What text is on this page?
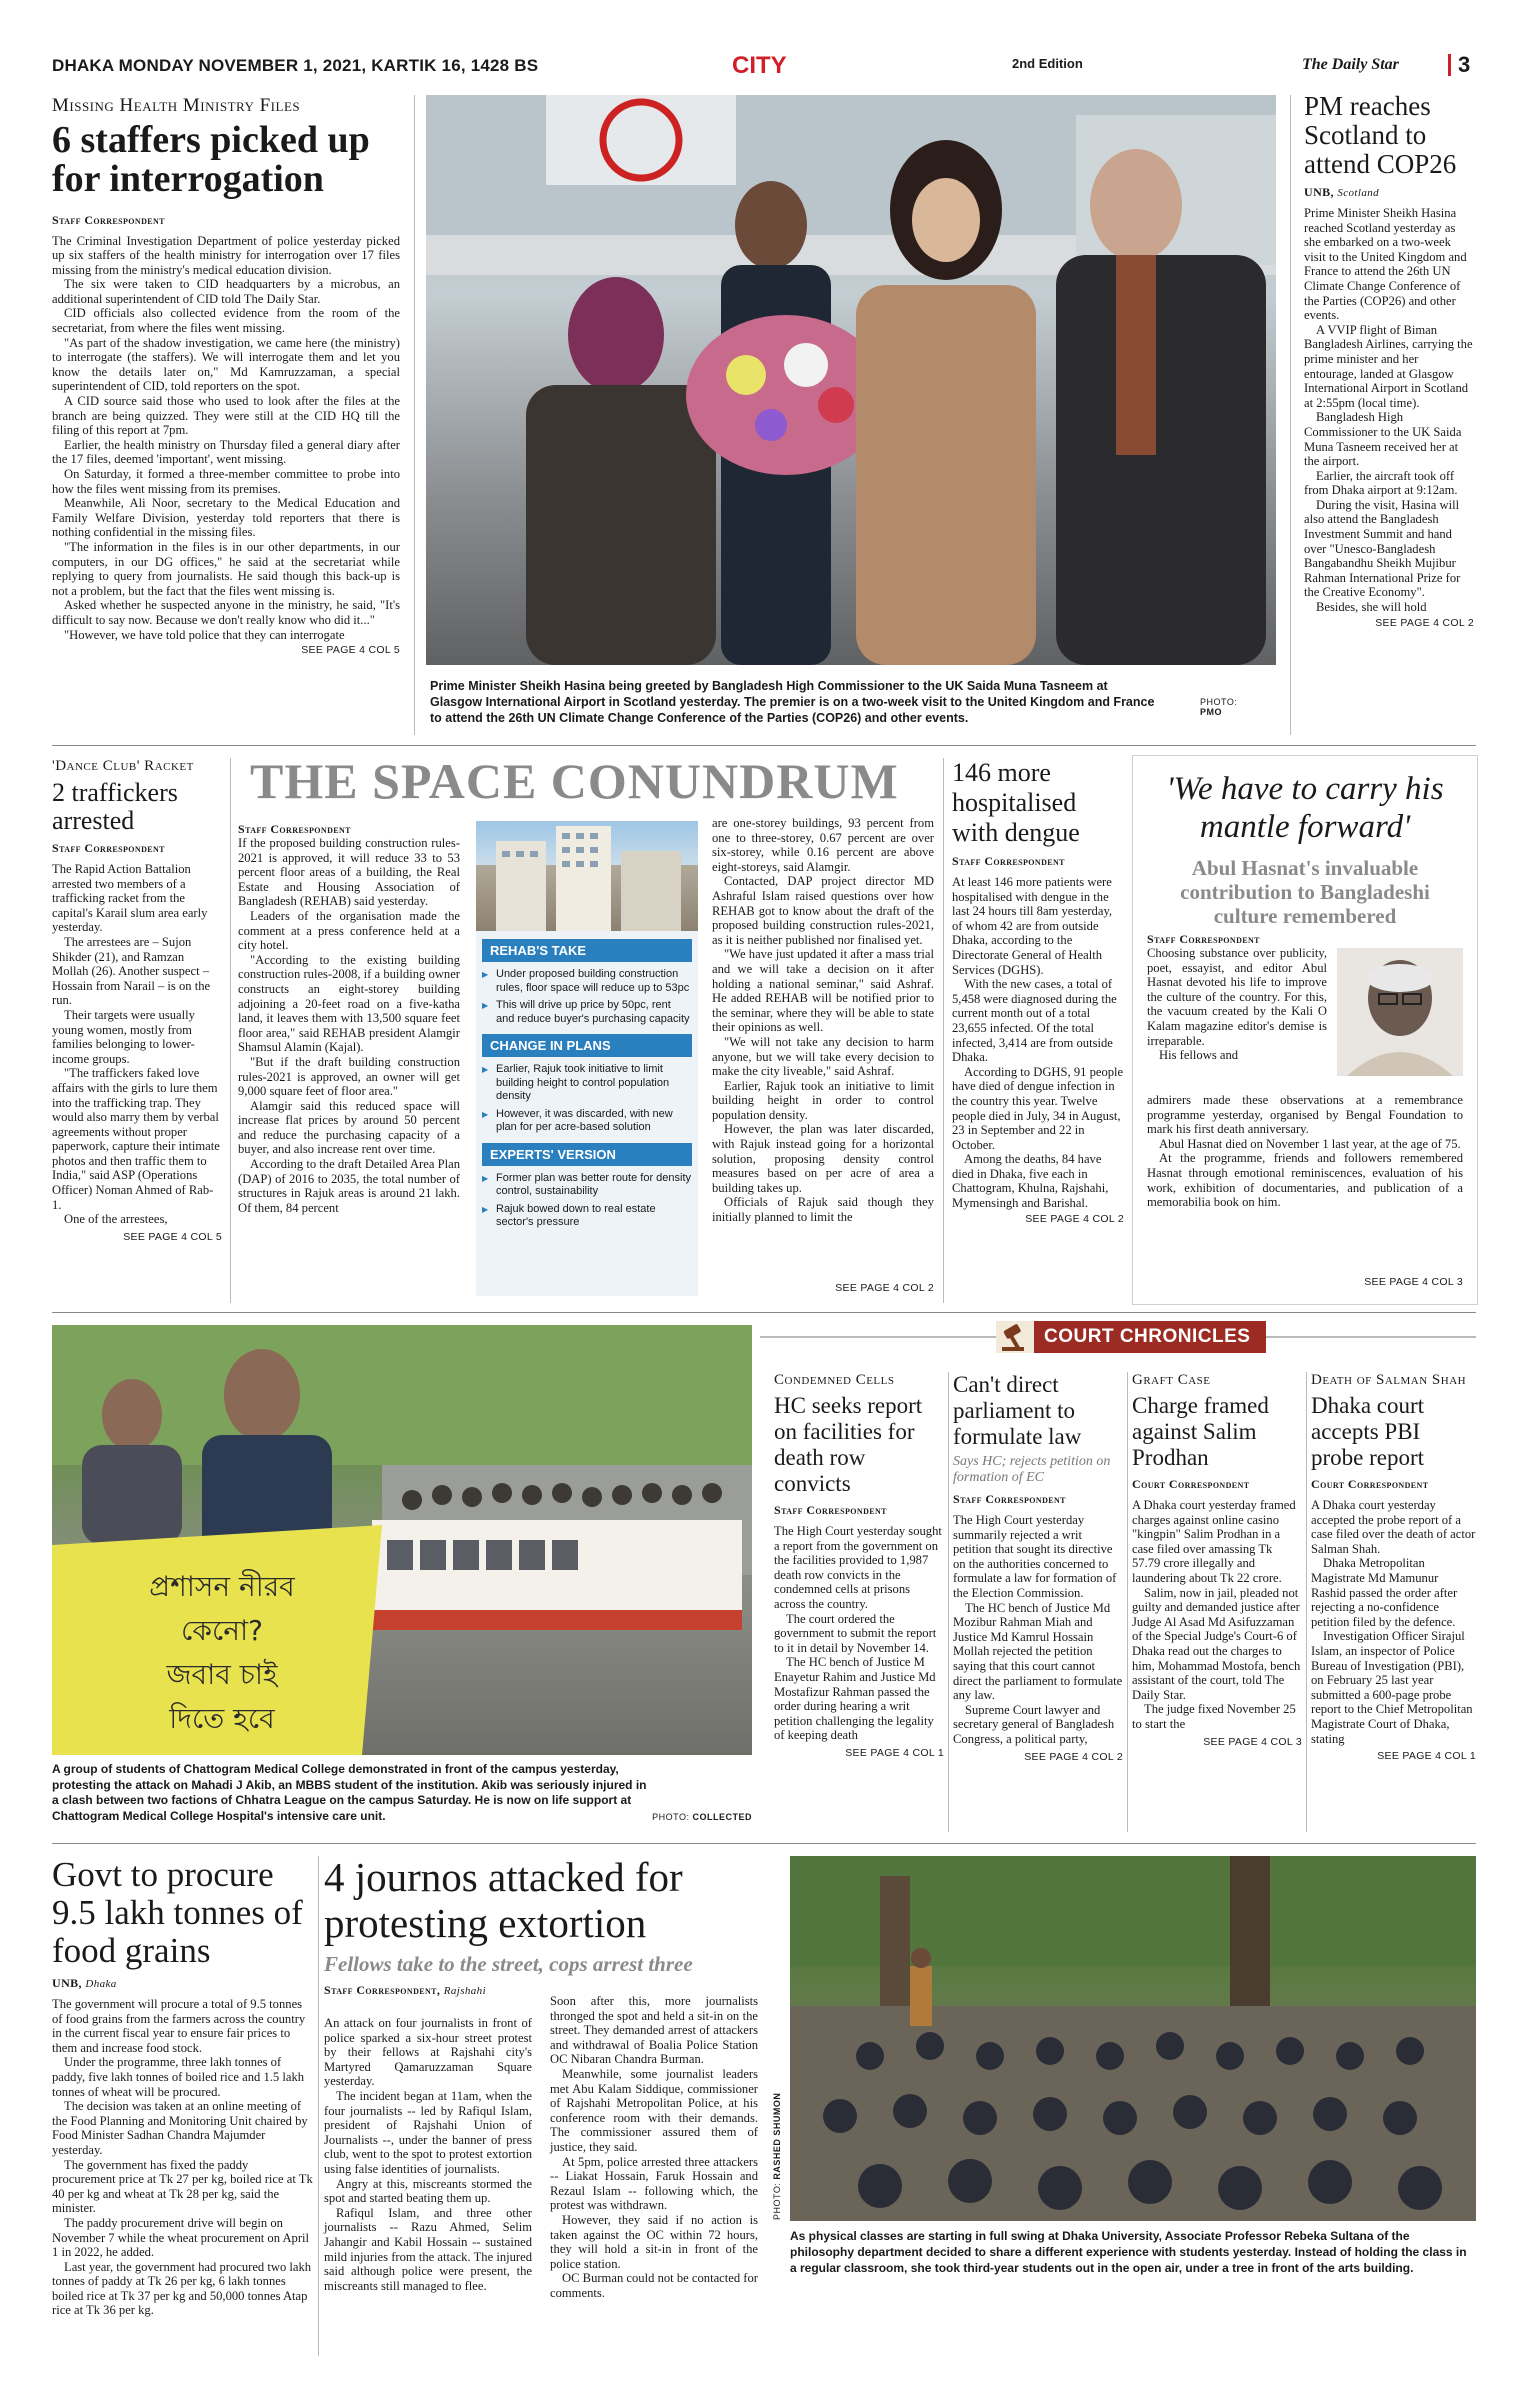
DHAKA MONDAY NOVEMBER 1, 2021, KARTIK 16, 1428 BS	CITY	2nd Edition	The Daily Star	3
Missing Health Ministry Files
6 staffers picked up for interrogation
Staff Correspondent

The Criminal Investigation Department of police yesterday picked up six staffers of the health ministry for interrogation over 17 files missing from the ministry's medical education division.

The six were taken to CID headquarters by a microbus, an additional superintendent of CID told The Daily Star.

CID officials also collected evidence from the room of the secretariat, from where the files went missing.

"As part of the shadow investigation, we came here (the ministry) to interrogate (the staffers). We will interrogate them and let you know the details later on," Md Kamruzzaman, a special superintendent of CID, told reporters on the spot.

A CID source said those who used to look after the files at the branch are being quizzed. They were still at the CID HQ till the filing of this report at 7pm.

Earlier, the health ministry on Thursday filed a general diary after the 17 files, deemed 'important', went missing.

On Saturday, it formed a three-member committee to probe into how the files went missing from its premises.

Meanwhile, Ali Noor, secretary to the Medical Education and Family Welfare Division, yesterday told reporters that there is nothing confidential in the missing files.

"The information in the files is in our other departments, in our computers, in our DG offices," he said at the secretariat while replying to query from journalists. He said though this back-up is not a problem, but the fact that the files went missing is.

Asked whether he suspected anyone in the ministry, he said, "It's difficult to say now. Because we don't really know who did it..."

"However, we have told police that they can interrogate

SEE PAGE 4 COL 5
Prime Minister Sheikh Hasina being greeted by Bangladesh High Commissioner to the UK Saida Muna Tasneem at Glasgow International Airport in Scotland yesterday. The premier is on a two-week visit to the United Kingdom and France to attend the 26th UN Climate Change Conference of the Parties (COP26) and other events.
PHOTO:
PMO
PM reaches Scotland to attend COP26
UNB, Scotland

Prime Minister Sheikh Hasina reached Scotland yesterday as she embarked on a two-week visit to the United Kingdom and France to attend the 26th UN Climate Change Conference of the Parties (COP26) and other events.

A VVIP flight of Biman Bangladesh Airlines, carrying the prime minister and her entourage, landed at Glasgow International Airport in Scotland at 2:55pm (local time).

Bangladesh High Commissioner to the UK Saida Muna Tasneem received her at the airport.

Earlier, the aircraft took off from Dhaka airport at 9:12am.

During the visit, Hasina will also attend the Bangladesh Investment Summit and hand over "Unesco-Bangladesh Bangabandhu Sheikh Mujibur Rahman International Prize for the Creative Economy".

Besides, she will hold

SEE PAGE 4 COL 2
'Dance Club' Racket
2 traffickers arrested
Staff Correspondent

The Rapid Action Battalion arrested two members of a trafficking racket from the capital's Karail slum area early yesterday.

The arrestees are – Sujon Shikder (21), and Ramzan Mollah (26). Another suspect – Hossain from Narail – is on the run.

Their targets were usually young women, mostly from families belonging to lower-income groups.

"The traffickers faked love affairs with the girls to lure them into the trafficking trap. They would also marry them by verbal agreements without proper paperwork, capture their intimate photos and then traffic them to India," said ASP (Operations Officer) Noman Ahmed of Rab-1.

One of the arrestees,

SEE PAGE 4 COL 5
THE SPACE CONUNDRUM
Staff Correspondent

If the proposed building construction rules-2021 is approved, it will reduce 33 to 53 percent floor areas of a building, the Real Estate and Housing Association of Bangladesh (REHAB) said yesterday.

Leaders of the organisation made the comment at a press conference held at a city hotel.

"According to the existing building construction rules-2008, if a building owner constructs an eight-storey building adjoining a 20-feet road on a five-katha land, it leaves them with 13,500 square feet floor area," said REHAB president Alamgir Shamsul Alamin (Kajal).

"But if the draft building construction rules-2021 is approved, an owner will get 9,000 square feet of floor area."

Alamgir said this reduced space will increase flat prices by around 50 percent and reduce the purchasing capacity of a buyer, and also increase rent over time.

According to the draft Detailed Area Plan (DAP) of 2016 to 2035, the total number of structures in Rajuk areas is around 21 lakh. Of them, 84 percent

REHAB'S TAKE
▶ Under proposed building construction rules, floor space will reduce up to 53pc
▶ This will drive up price by 50pc, rent and reduce buyer's purchasing capacity
CHANGE IN PLANS
▶ Earlier, Rajuk took initiative to limit building height to control population density
▶ However, it was discarded, with new plan for per acre-based solution
EXPERTS' VERSION
▶ Former plan was better route for density control, sustainability
▶ Rajuk bowed down to real estate sector's pressure

are one-storey buildings, 93 percent from one to three-storey, 0.67 percent are over six-storey, while 0.16 percent are above eight-storeys, said Alamgir.

Contacted, DAP project director MD Ashraful Islam raised questions over how REHAB got to know about the draft of the proposed building construction rules-2021, as it is neither published nor finalised yet.

"We have just updated it after a mass trial and we will take a decision on it after holding a national seminar," said Ashraf. He added REHAB will be notified prior to the seminar, where they will be able to state their opinions as well.

"We will not take any decision to harm anyone, but we will take every decision to make the city liveable," said Ashraf.

Earlier, Rajuk took an initiative to limit building height in order to control population density.

However, the plan was later discarded, with Rajuk instead going for a horizontal solution, proposing density control measures based on per acre of area a building takes up.

Officials of Rajuk said though they initially planned to limit the

SEE PAGE 4 COL 2
146 more hospitalised with dengue
Staff Correspondent

At least 146 more patients were hospitalised with dengue in the last 24 hours till 8am yesterday, of whom 42 are from outside Dhaka, according to the Directorate General of Health Services (DGHS).

With the new cases, a total of 5,458 were diagnosed during the current month out of a total 23,655 infected. Of the total infected, 3,414 are from outside Dhaka.

According to DGHS, 91 people have died of dengue infection in the country this year. Twelve people died in July, 34 in August, 23 in September and 22 in October.

Among the deaths, 84 have died in Dhaka, five each in Chattogram, Khulna, Rajshahi, Mymensingh and Barishal.

SEE PAGE 4 COL 2
'We have to carry his mantle forward'
Abul Hasnat's invaluable contribution to Bangladeshi culture remembered
Staff Correspondent

Choosing substance over publicity, poet, essayist, and editor Abul Hasnat devoted his life to improve the culture of the country. For this, the vacuum created by the Kali O Kalam magazine editor's demise is irreparable.

His fellows and

admirers made these observations at a remembrance programme yesterday, organised by Bengal Foundation to mark his first death anniversary.

Abul Hasnat died on November 1 last year, at the age of 75.

At the programme, friends and followers remembered Hasnat through emotional reminiscences, evaluation of his work, exhibition of documentaries, and publication of a memorabilia book on him.

SEE PAGE 4 COL 3
প্রশাসন নীরব
কেনো?
জবাব চাই
দিতে হবে
A group of students of Chattogram Medical College demonstrated in front of the campus yesterday, protesting the attack on Mahadi J Akib, an MBBS student of the institution. Akib was seriously injured in a clash between two factions of Chhatra League on the campus Saturday. He is now on life support at Chattogram Medical College Hospital's intensive care unit.	PHOTO: COLLECTED
COURT CHRONICLES
Condemned Cells
HC seeks report on facilities for death row convicts
Staff Correspondent

The High Court yesterday sought a report from the government on the facilities provided to 1,987 death row convicts in the condemned cells at prisons across the country.

The court ordered the government to submit the report to it in detail by November 14.

The HC bench of Justice M Enayetur Rahim and Justice Md Mostafizur Rahman passed the order during hearing a writ petition challenging the legality of keeping death

SEE PAGE 4 COL 1
Can't direct parliament to formulate law
Says HC; rejects petition on formation of EC
Staff Correspondent

The High Court yesterday summarily rejected a writ petition that sought its directive on the authorities concerned to formulate a law for formation of the Election Commission.

The HC bench of Justice Md Mozibur Rahman Miah and Justice Md Kamrul Hossain Mollah rejected the petition saying that this court cannot direct the parliament to formulate any law.

Supreme Court lawyer and secretary general of Bangladesh Congress, a political party,

SEE PAGE 4 COL 2
Graft Case
Charge framed against Salim Prodhan
Court Correspondent

A Dhaka court yesterday framed charges against online casino "kingpin" Salim Prodhan in a case filed over amassing Tk 57.79 crore illegally and laundering about Tk 22 crore.

Salim, now in jail, pleaded not guilty and demanded justice after Judge Al Asad Md Asifuzzaman of the Special Judge's Court-6 of Dhaka read out the charges to him, Mohammad Mostofa, bench assistant of the court, told The Daily Star.

The judge fixed November 25 to start the

SEE PAGE 4 COL 3
Death of Salman Shah
Dhaka court accepts PBI probe report
Court Correspondent

A Dhaka court yesterday accepted the probe report of a case filed over the death of actor Salman Shah.

Dhaka Metropolitan Magistrate Md Mamunur Rashid passed the order after rejecting a no-confidence petition filed by the defence.

Investigation Officer Sirajul Islam, an inspector of Police Bureau of Investigation (PBI), on February 25 last year submitted a 600-page probe report to the Chief Metropolitan Magistrate Court of Dhaka, stating

SEE PAGE 4 COL 1
Govt to procure 9.5 lakh tonnes of food grains
UNB, Dhaka

The government will procure a total of 9.5 tonnes of food grains from the farmers across the country in the current fiscal year to ensure fair prices to them and increase food stock.

Under the programme, three lakh tonnes of paddy, five lakh tonnes of boiled rice and 1.5 lakh tonnes of wheat will be procured.

The decision was taken at an online meeting of the Food Planning and Monitoring Unit chaired by Food Minister Sadhan Chandra Majumder yesterday.

The government has fixed the paddy procurement price at Tk 27 per kg, boiled rice at Tk 40 per kg and wheat at Tk 28 per kg, said the minister.

The paddy procurement drive will begin on November 7 while the wheat procurement on April 1 in 2022, he added.

Last year, the government had procured two lakh tonnes of paddy at Tk 26 per kg, 6 lakh tonnes boiled rice at Tk 37 per kg and 50,000 tonnes Atap rice at Tk 36 per kg.

4 journos attacked for protesting extortion
Fellows take to the street, cops arrest three
Staff Correspondent, Rajshahi

An attack on four journalists in front of police sparked a six-hour street protest by their fellows at Rajshahi city's Martyred Qamaruzzaman Square yesterday.

The incident began at 11am, when the four journalists -- led by Rafiqul Islam, president of Rajshahi Union of Journalists --, under the banner of press club, went to the spot to protest extortion using false identities of journalists.

Angry at this, miscreants stormed the spot and started beating them up.

Rafiqul Islam, and three other journalists -- Razu Ahmed, Selim Jahangir and Kabil Hossain -- sustained mild injuries from the attack. The injured said although police were present, the miscreants still managed to flee.

Soon after this, more journalists thronged the spot and held a sit-in on the street. They demanded arrest of attackers and withdrawal of Boalia Police Station OC Nibaran Chandra Burman.

Meanwhile, some journalist leaders met Abu Kalam Siddique, commissioner of Rajshahi Metropolitan Police, at his conference room with their demands. The commissioner assured them of justice, they said.

At 5pm, police arrested three attackers -- Liakat Hossain, Faruk Hossain and Rezaul Islam -- following which, the protest was withdrawn.

However, they said if no action is taken against the OC within 72 hours, they will hold a sit-in in front of the police station.

OC Burman could not be contacted for comments.

PHOTO: RASHED SHUMON
As physical classes are starting in full swing at Dhaka University, Associate Professor Rebeka Sultana of the philosophy department decided to share a different experience with students yesterday. Instead of holding the class in a regular classroom, she took third-year students out in the open air, under a tree in front of the arts building.
